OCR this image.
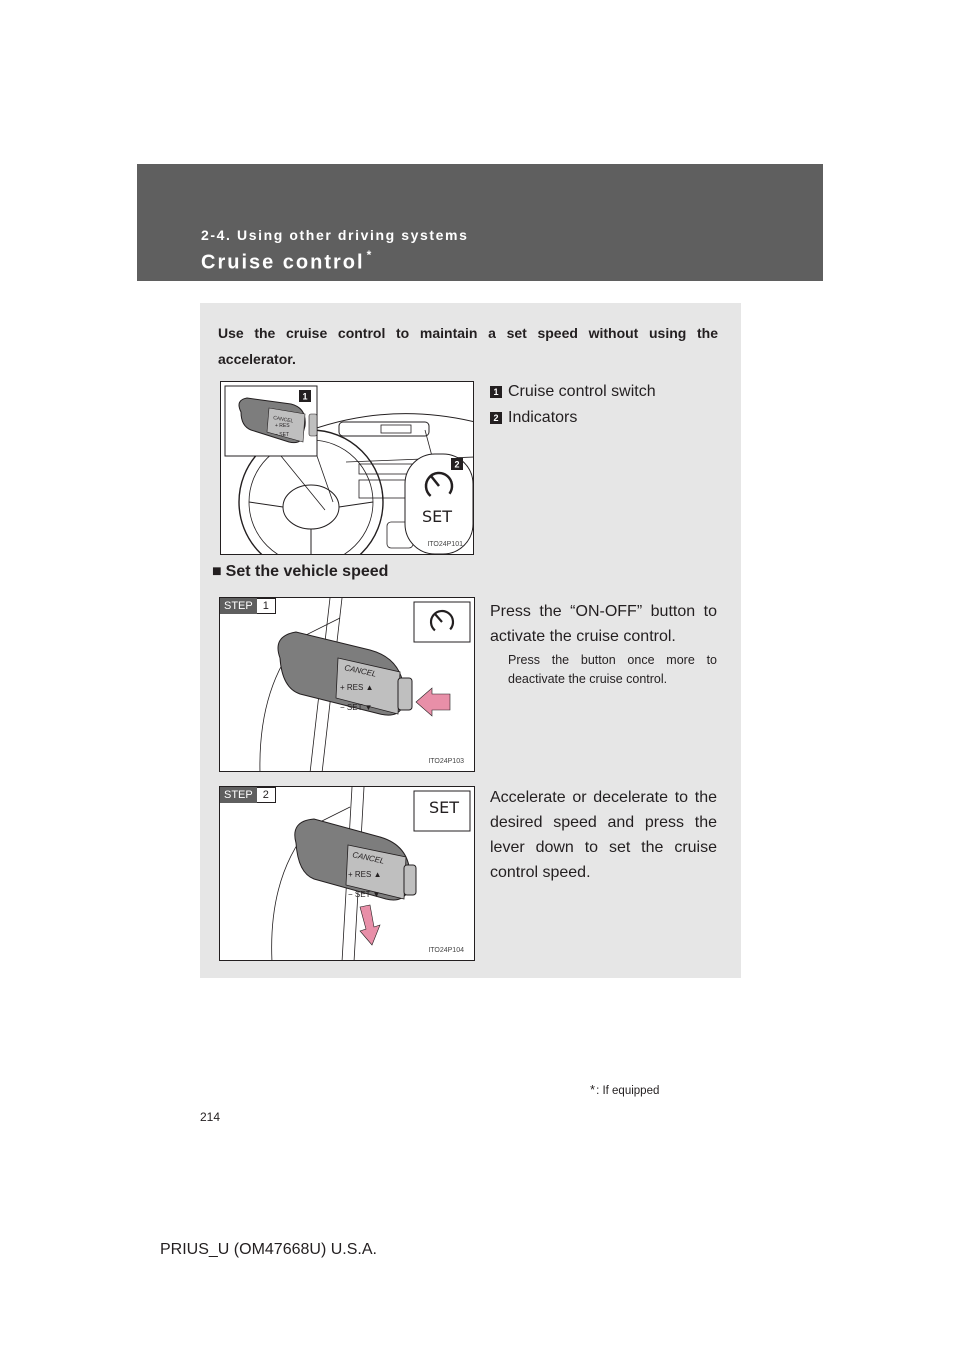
2-4. Using other driving systems
Cruise control *

Use the cruise control to maintain a set speed without using the accelerator.

CANCEL
+ RES
− SET
SET
1
2
ITO24P101
1 Cruise control switch
2 Indicators
■ Set the vehicle speed
STEP 1
CANCEL
+ RES ▲
− SET ▼
ITO24P103

Press the “ON-OFF” button to activate the cruise control.

Press the button once more to deactivate the cruise control.

STEP 2
CANCEL
+ RES ▲
− SET ▼
SET
ITO24P104

Accelerate or decelerate to the desired speed and press the lever down to set the cruise control speed.

*: If equipped
214
PRIUS_U (OM47668U) U.S.A.
